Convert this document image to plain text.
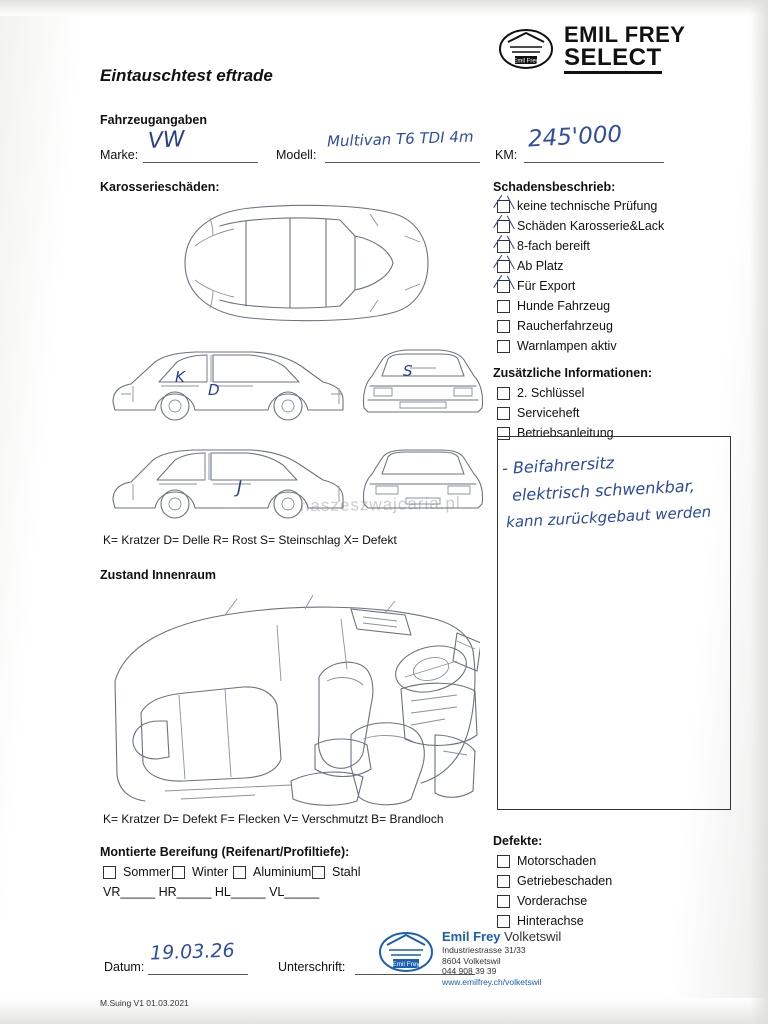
Emil Frey
EMIL FREY
SELECT
Eintauschtest eftrade
Fahrzeugangaben
Marke:
VW
Modell:
Multivan T6 TDI 4m
KM:
245'000
Karosserieschäden:
K
D
S
J
naszeszwajcaria.pl
K= Kratzer D= Delle R= Rost S= Steinschlag X= Defekt
Zustand Innenraum
K= Kratzer D= Defekt F= Flecken V= Verschmutzt B= Brandloch
Schadensbeschrieb:
keine technische Prüfung
Schäden Karosserie&Lack
8-fach bereift
Ab Platz
Für Export
Hunde Fahrzeug
Raucherfahrzeug
Warnlampen aktiv
Zusätzliche Informationen:
2. Schlüssel
Serviceheft
Betriebsanleitung
- Beifahrersitz
elektrisch schwenkbar,
kann zurückgebaut werden
Montierte Bereifung (Reifenart/Profiltiefe):
Sommer Winter Aluminium Stahl
VR_____ HR_____ HL_____ VL_____
Defekte:
Motorschaden
Getriebeschaden
Vorderachse
Hinterachse
Datum:
19.03.26
Unterschrift:	Emil Frey
Emil Frey Volketswil
Industriestrasse 31/33
8604 Volketswil
044 908 39 39
www.emilfrey.ch/volketswil
M.Suing V1 01.03.2021
